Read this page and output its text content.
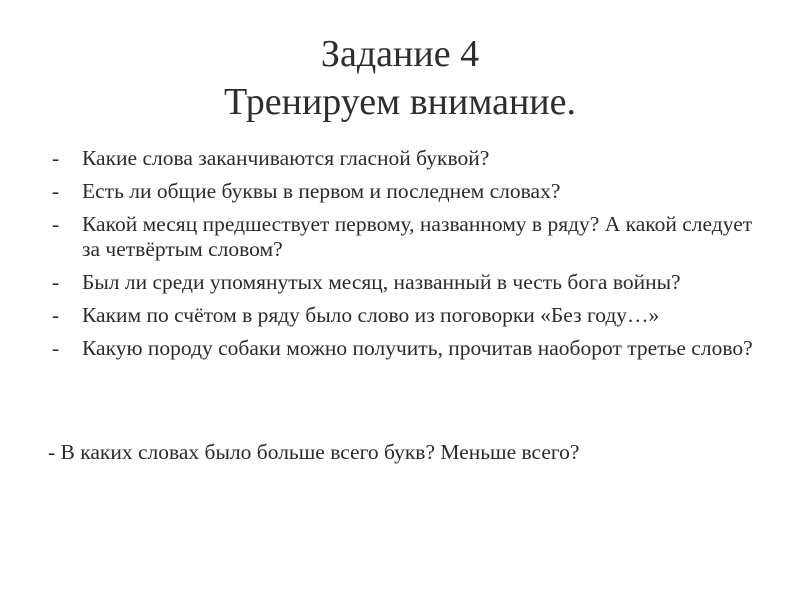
Задание 4
Тренируем внимание.
- Какие слова заканчиваются гласной буквой?
- Есть ли общие буквы в первом и последнем словах?
- Какой месяц предшествует первому, названному в ряду? А какой следует за четвёртым словом?
- Был ли среди упомянутых месяц, названный в честь бога войны?
- Каким по счётом в ряду было слово из поговорки «Без году…»
- Какую породу собаки можно получить, прочитав наоборот третье слово?

- В каких словах было больше всего букв? Меньше всего?
